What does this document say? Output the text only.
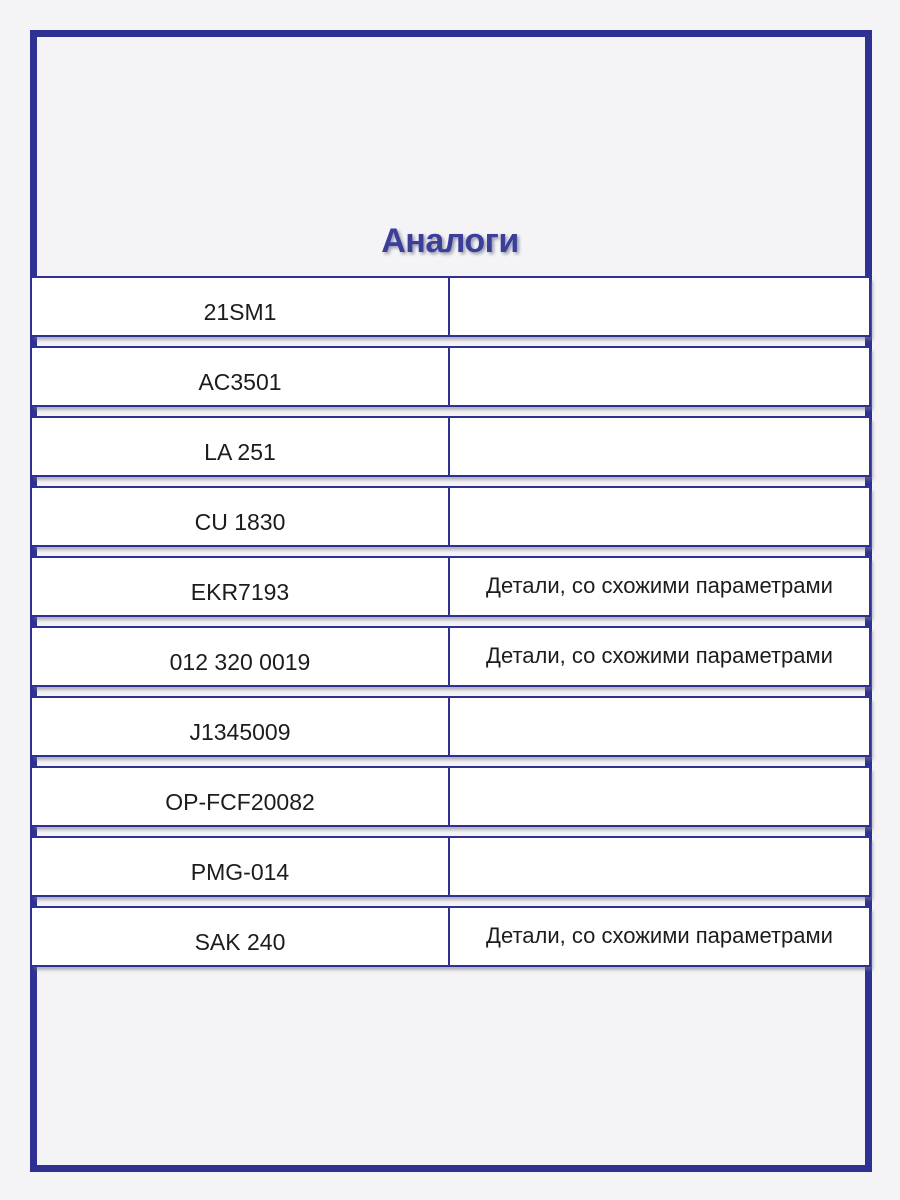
Аналоги
21SM1
AC3501
LA 251
CU 1830
EKR7193	Детали, со схожими параметрами
012 320 0019	Детали, со схожими параметрами
J1345009
OP-FCF20082
PMG-014
SAK 240	Детали, со схожими параметрами
